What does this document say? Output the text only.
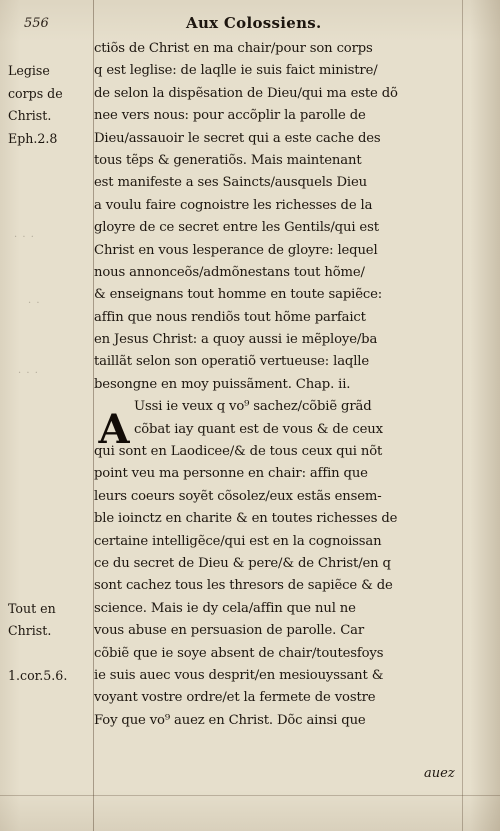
556	Aux Colossiens.
Legise
corps de
Christ.
Eph.2.8
Tout en
Christ.
1.cor.5.6.
ctiõs de Christ en ma chair/pour son corps
q est leglise: de laqlle ie suis faict ministre/
de selon la dispẽsation de Dieu/qui ma este dõ
nee vers nous: pour accõplir la parolle de
Dieu/assauoir le secret qui a este cache des
tous tẽps & generatiõs. Mais maintenant
est manifeste a ses Saincts/ausquels Dieu
a voulu faire cognoistre les richesses de la
gloyre de ce secret entre les Gentils/qui est
Christ en vous lesperance de gloyre: lequel
nous annonceõs/admõnestans tout hõme/
& enseignans tout homme en toute sapiẽce:
affin que nous rendiõs tout hõme parfaict
en Jesus Christ: a quoy aussi ie mẽploye/ba
taillãt selon son operatiõ vertueuse: laqlle
besongne en moy puissãment. Chap. ii.
Ussi ie veux q vo⁹ sachez/cõbiẽ grãd
cõbat iay quant est de vous & de ceux
qui sont en Laodicee/& de tous ceux qui nõt
point veu ma personne en chair: affin que
leurs coeurs soyẽt cõsolez/eux estãs ensem-
ble ioinctz en charite & en toutes richesses de
certaine intelligẽce/qui est en la cognoissan
ce du secret de Dieu & pere/& de Christ/en q
sont cachez tous les thresors de sapiẽce & de
science. Mais ie dy cela/affin que nul ne
vous abuse en persuasion de parolle. Car
cõbiẽ que ie soye absent de chair/toutesfoys
ie suis auec vous desprit/en mesiouyssant &
voyant vostre ordre/et la fermete de vostre
Foy que vo⁹ auez en Christ. Dõc ainsi que
A
auez
· · ·
· ·
· · ·
